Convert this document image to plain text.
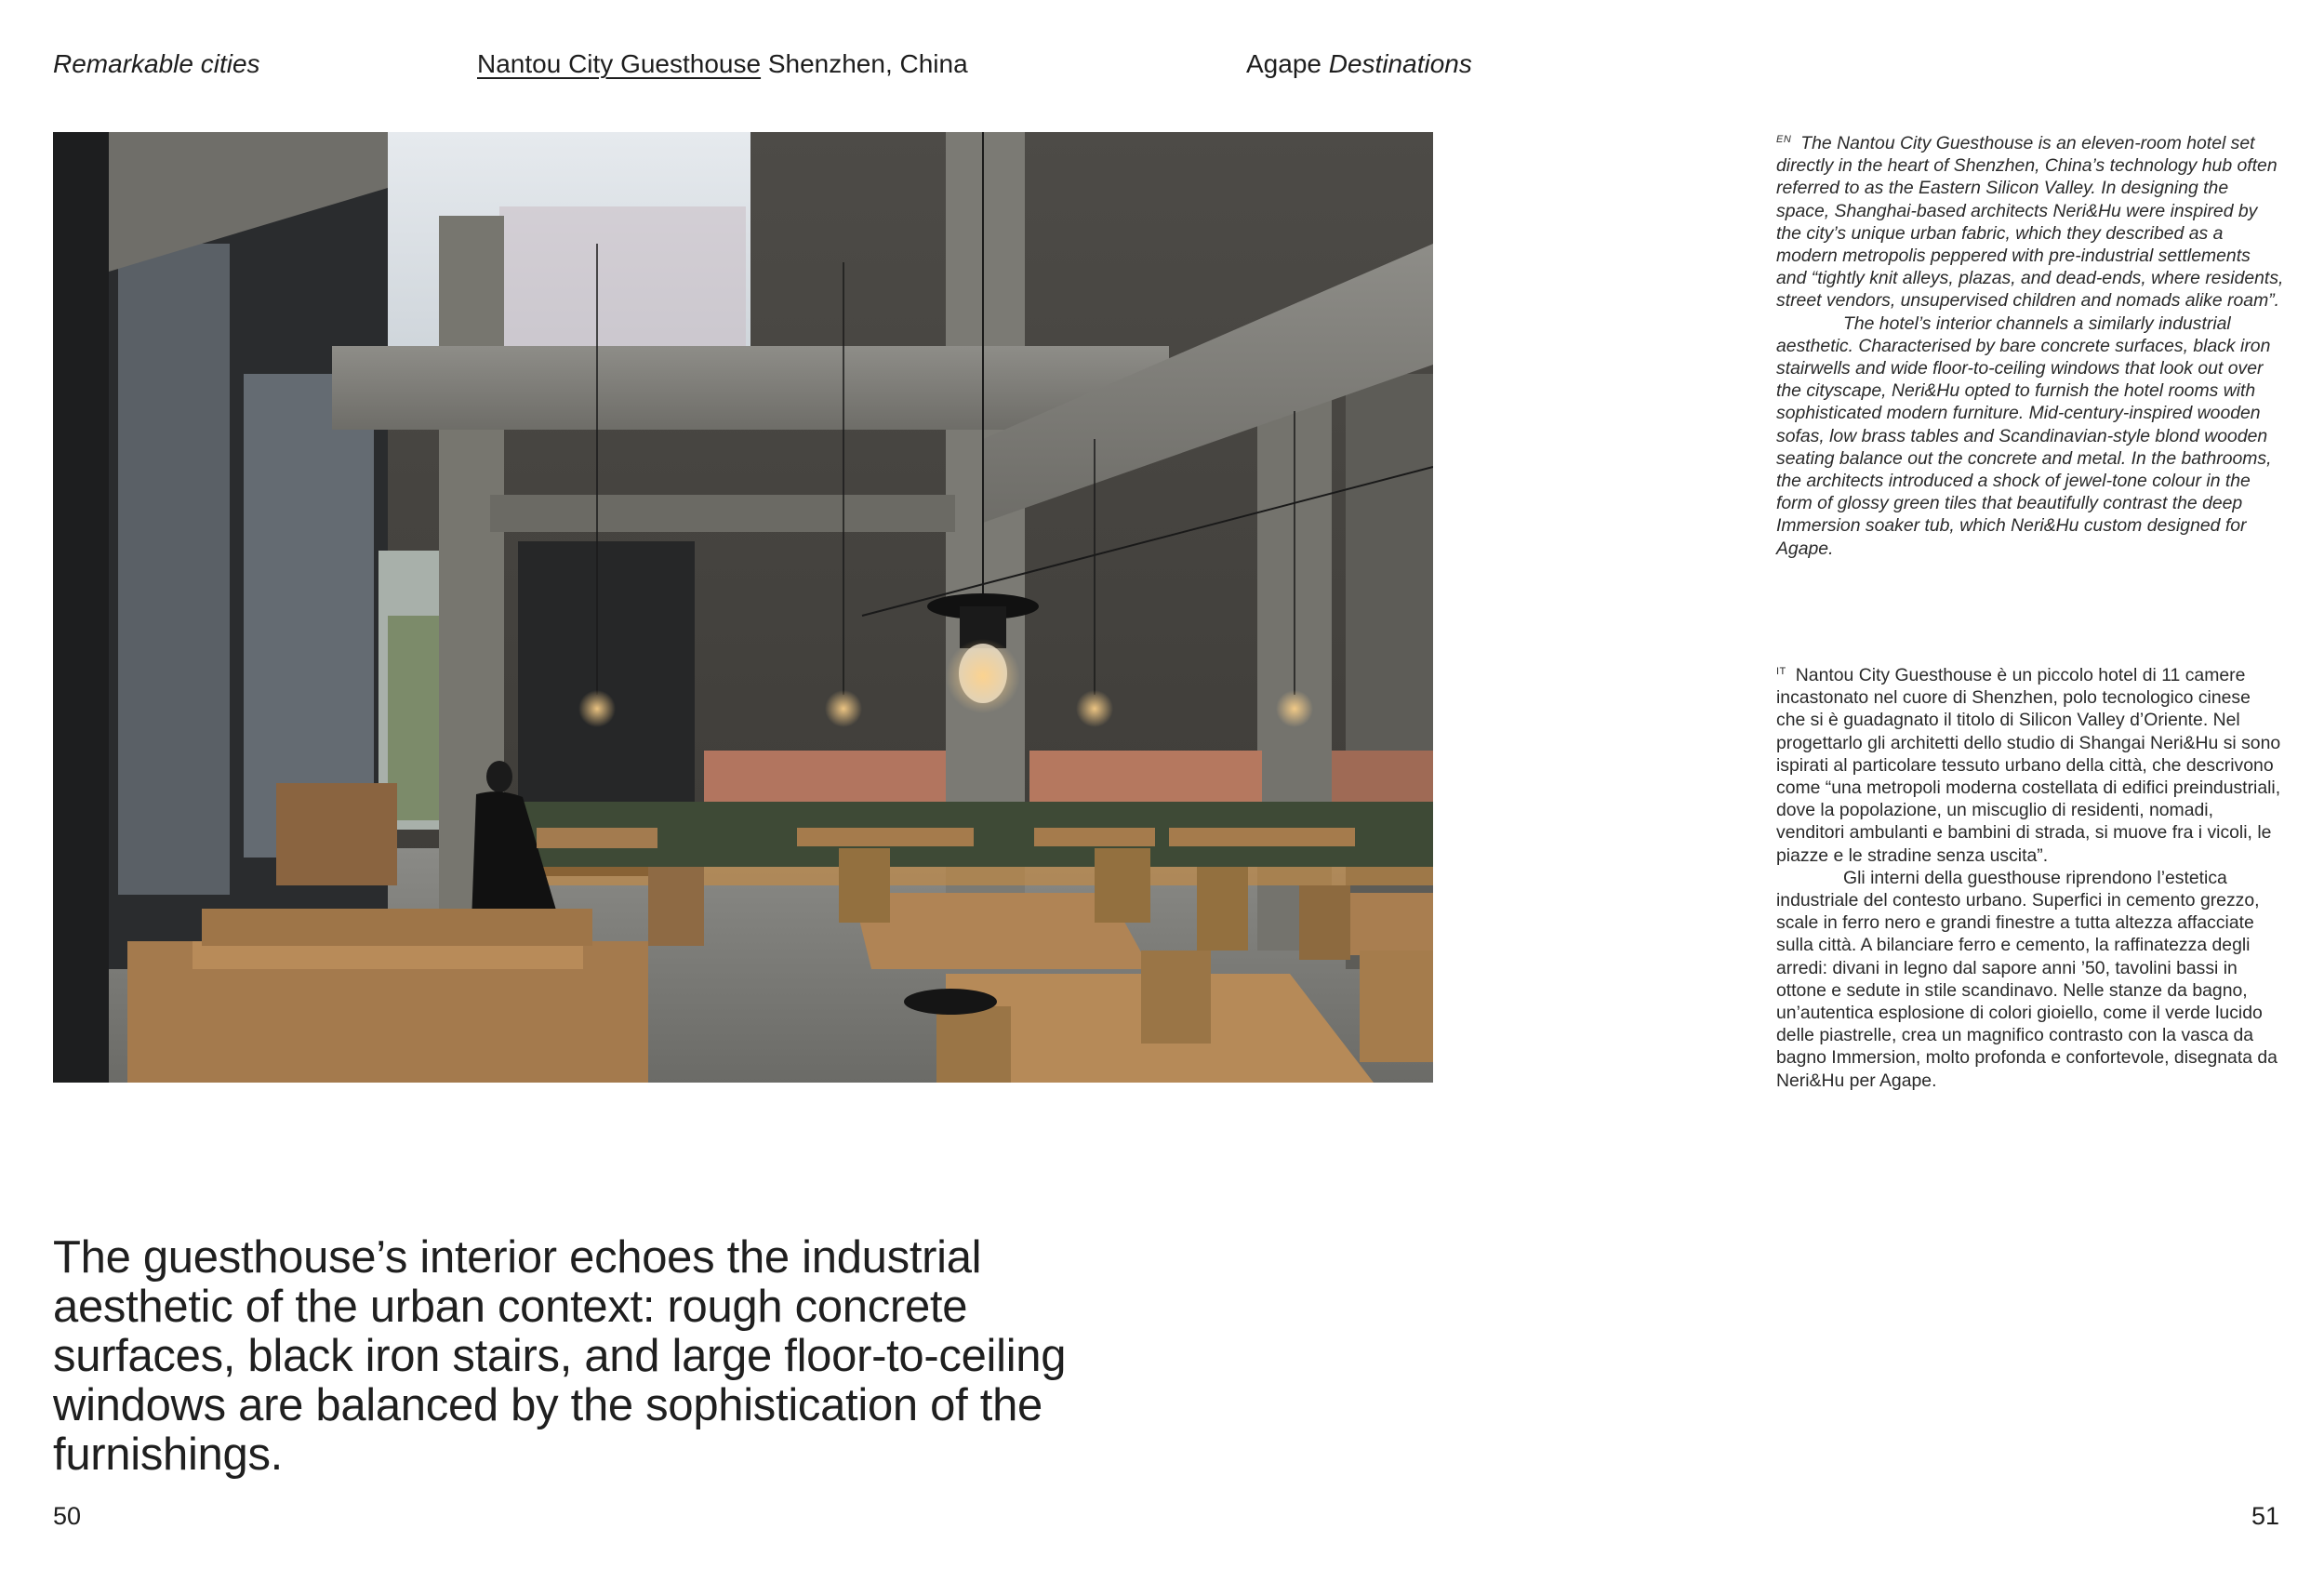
Remarkable cities	Nantou City Guesthouse Shenzhen, China	Agape Destinations
The guesthouse’s interior echoes the industrial aesthetic of the urban context: rough concrete surfaces, black iron stairs, and large floor-to-ceiling windows are balanced by the sophistication of the furnishings.
50	51

$^{EN}$ The Nantou City Guesthouse is an eleven-room hotel set directly in the heart of Shenzhen, China’s technology hub often referred to as the Eastern Silicon Valley. In designing the space, Shanghai-based architects Neri&Hu were inspired by the city’s unique urban fabric, which they described as a modern metropolis peppered with pre-industrial settlements and “tightly knit alleys, plazas, and dead-ends, where residents, street vendors, unsupervised children and nomads alike roam”.

The hotel’s interior channels a similarly industrial aesthetic. Characterised by bare concrete surfaces, black iron stairwells and wide floor-to-ceiling windows that look out over the cityscape, Neri&Hu opted to furnish the hotel rooms with sophisticated modern furniture. Mid-century-inspired wooden sofas, low brass tables and Scandinavian-style blond wooden seating balance out the concrete and metal. In the bathrooms, the architects introduced a shock of jewel-tone colour in the form of glossy green tiles that beautifully contrast the deep Immersion soaker tub, which Neri&Hu custom designed for Agape.

$^{IT}$ Nantou City Guesthouse è un piccolo hotel di 11 camere incastonato nel cuore di Shenzhen, polo tecnologico cinese che si è guadagnato il titolo di Silicon Valley d’Oriente. Nel progettarlo gli architetti dello studio di Shangai Neri&Hu si sono ispirati al particolare tessuto urbano della città, che descrivono come “una metropoli moderna costellata di edifici preindustriali, dove la popolazione, un miscuglio di residenti, nomadi, venditori ambulanti e bambini di strada, si muove fra i vicoli, le piazze e le stradine senza uscita”.

Gli interni della guesthouse riprendono l’estetica industriale del contesto urbano. Superfici in cemento grezzo, scale in ferro nero e grandi finestre a tutta altezza affacciate sulla città. A bilanciare ferro e cemento, la raffinatezza degli arredi: divani in legno dal sapore anni ’50, tavolini bassi in ottone e sedute in stile scandinavo. Nelle stanze da bagno, un’autentica esplosione di colori gioiello, come il verde lucido delle piastrelle, crea un magnifico contrasto con la vasca da bagno Immersion, molto profonda e confortevole, disegnata da Neri&Hu per Agape.
